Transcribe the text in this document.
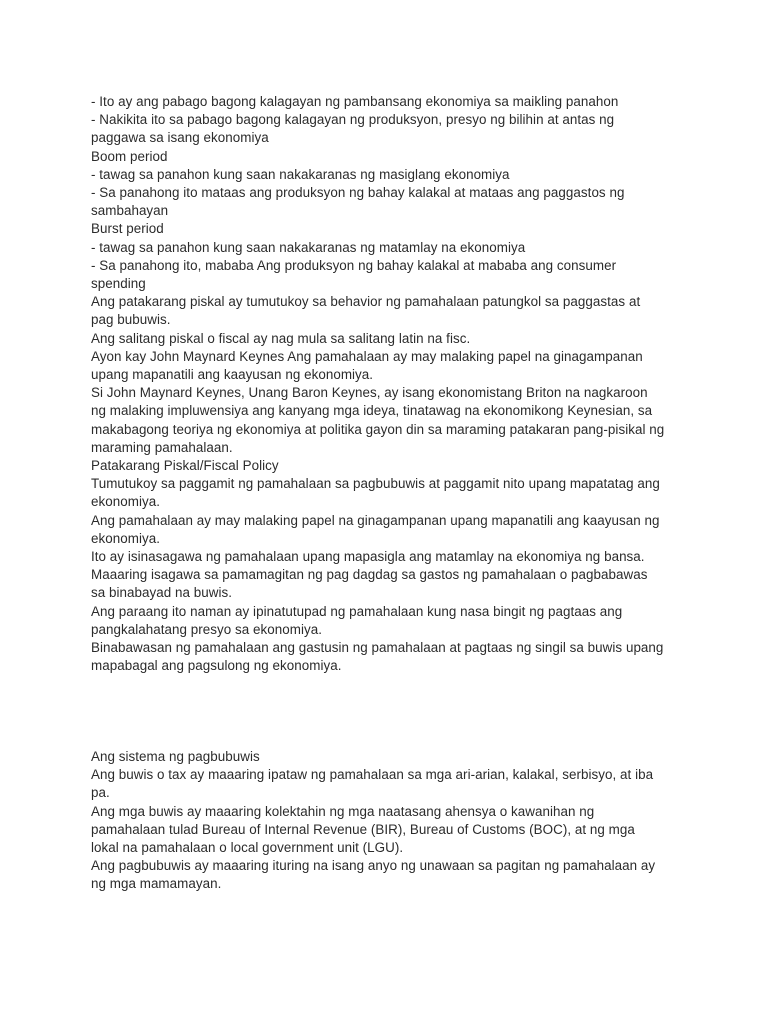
- Ito ay ang pabago bagong kalagayan ng pambansang ekonomiya sa maikling panahon
- Nakikita ito sa pabago bagong kalagayan ng produksyon, presyo ng bilihin at antas ng
paggawa sa isang ekonomiya
Boom period
- tawag sa panahon kung saan nakakaranas ng masiglang ekonomiya
- Sa panahong ito mataas ang produksyon ng bahay kalakal at mataas ang paggastos ng
sambahayan
Burst period
- tawag sa panahon kung saan nakakaranas ng matamlay na ekonomiya
- Sa panahong ito, mababa Ang produksyon ng bahay kalakal at mababa ang consumer
spending
Ang patakarang piskal ay tumutukoy sa behavior ng pamahalaan patungkol sa paggastas at
pag bubuwis.
Ang salitang piskal o fiscal ay nag mula sa salitang latin na fisc.
Ayon kay John Maynard Keynes Ang pamahalaan ay may malaking papel na ginagampanan
upang mapanatili ang kaayusan ng ekonomiya.
Si John Maynard Keynes, Unang Baron Keynes, ay isang ekonomistang Briton na nagkaroon
ng malaking impluwensiya ang kanyang mga ideya, tinatawag na ekonomikong Keynesian, sa
makabagong teoriya ng ekonomiya at politika gayon din sa maraming patakaran pang-pisikal ng
maraming pamahalaan.
Patakarang Piskal/Fiscal Policy
Tumutukoy sa paggamit ng pamahalaan sa pagbubuwis at paggamit nito upang mapatatag ang
ekonomiya.
Ang pamahalaan ay may malaking papel na ginagampanan upang mapanatili ang kaayusan ng
ekonomiya.
Ito ay isinasagawa ng pamahalaan upang mapasigla ang matamlay na ekonomiya ng bansa.
Maaaring isagawa sa pamamagitan ng pag dagdag sa gastos ng pamahalaan o pagbabawas
sa binabayad na buwis.
Ang paraang ito naman ay ipinatutupad ng pamahalaan kung nasa bingit ng pagtaas ang
pangkalahatang presyo sa ekonomiya.
Binabawasan ng pamahalaan ang gastusin ng pamahalaan at pagtaas ng singil sa buwis upang
mapabagal ang pagsulong ng ekonomiya.
Ang sistema ng pagbubuwis
Ang buwis o tax ay maaaring ipataw ng pamahalaan sa mga ari-arian, kalakal, serbisyo, at iba
pa.
Ang mga buwis ay maaaring kolektahin ng mga naatasang ahensya o kawanihan ng
pamahalaan tulad Bureau of Internal Revenue (BIR), Bureau of Customs (BOC), at ng mga
lokal na pamahalaan o local government unit (LGU).
Ang pagbubuwis ay maaaring ituring na isang anyo ng unawaan sa pagitan ng pamahalaan ay
ng mga mamamayan.
